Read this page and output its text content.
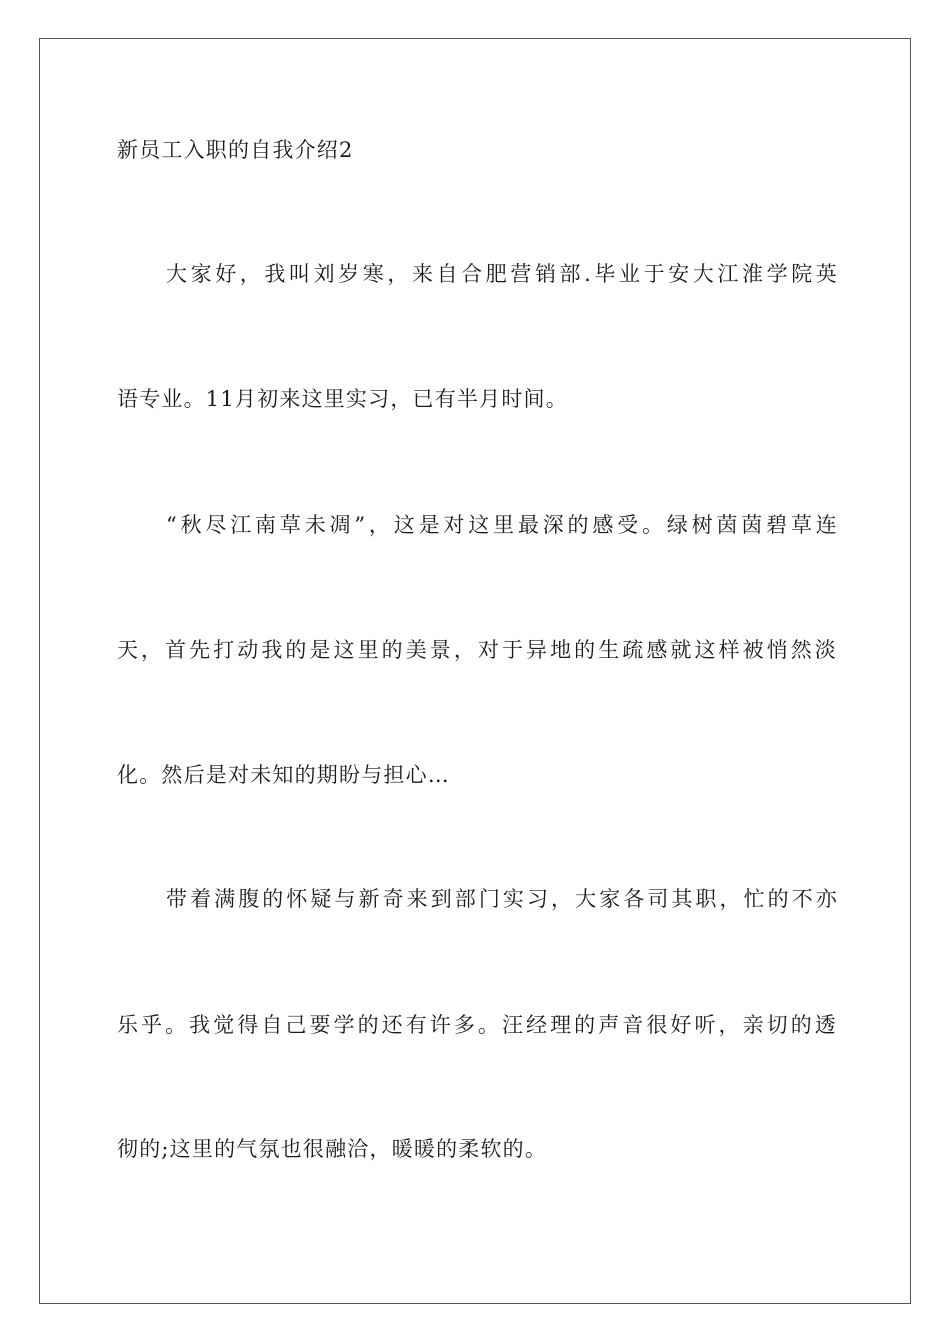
新员工入职的自我介绍2
大家好，我叫刘岁寒，来自合肥营销部.毕业于安大江淮学院英
语专业。11月初来这里实习，已有半月时间。
“秋尽江南草未凋”，这是对这里最深的感受。绿树茵茵碧草连
天，首先打动我的是这里的美景，对于异地的生疏感就这样被悄然淡
化。然后是对未知的期盼与担心…
带着满腹的怀疑与新奇来到部门实习，大家各司其职，忙的不亦
乐乎。我觉得自己要学的还有许多。汪经理的声音很好听，亲切的透
彻的;这里的气氛也很融洽，暖暖的柔软的。
